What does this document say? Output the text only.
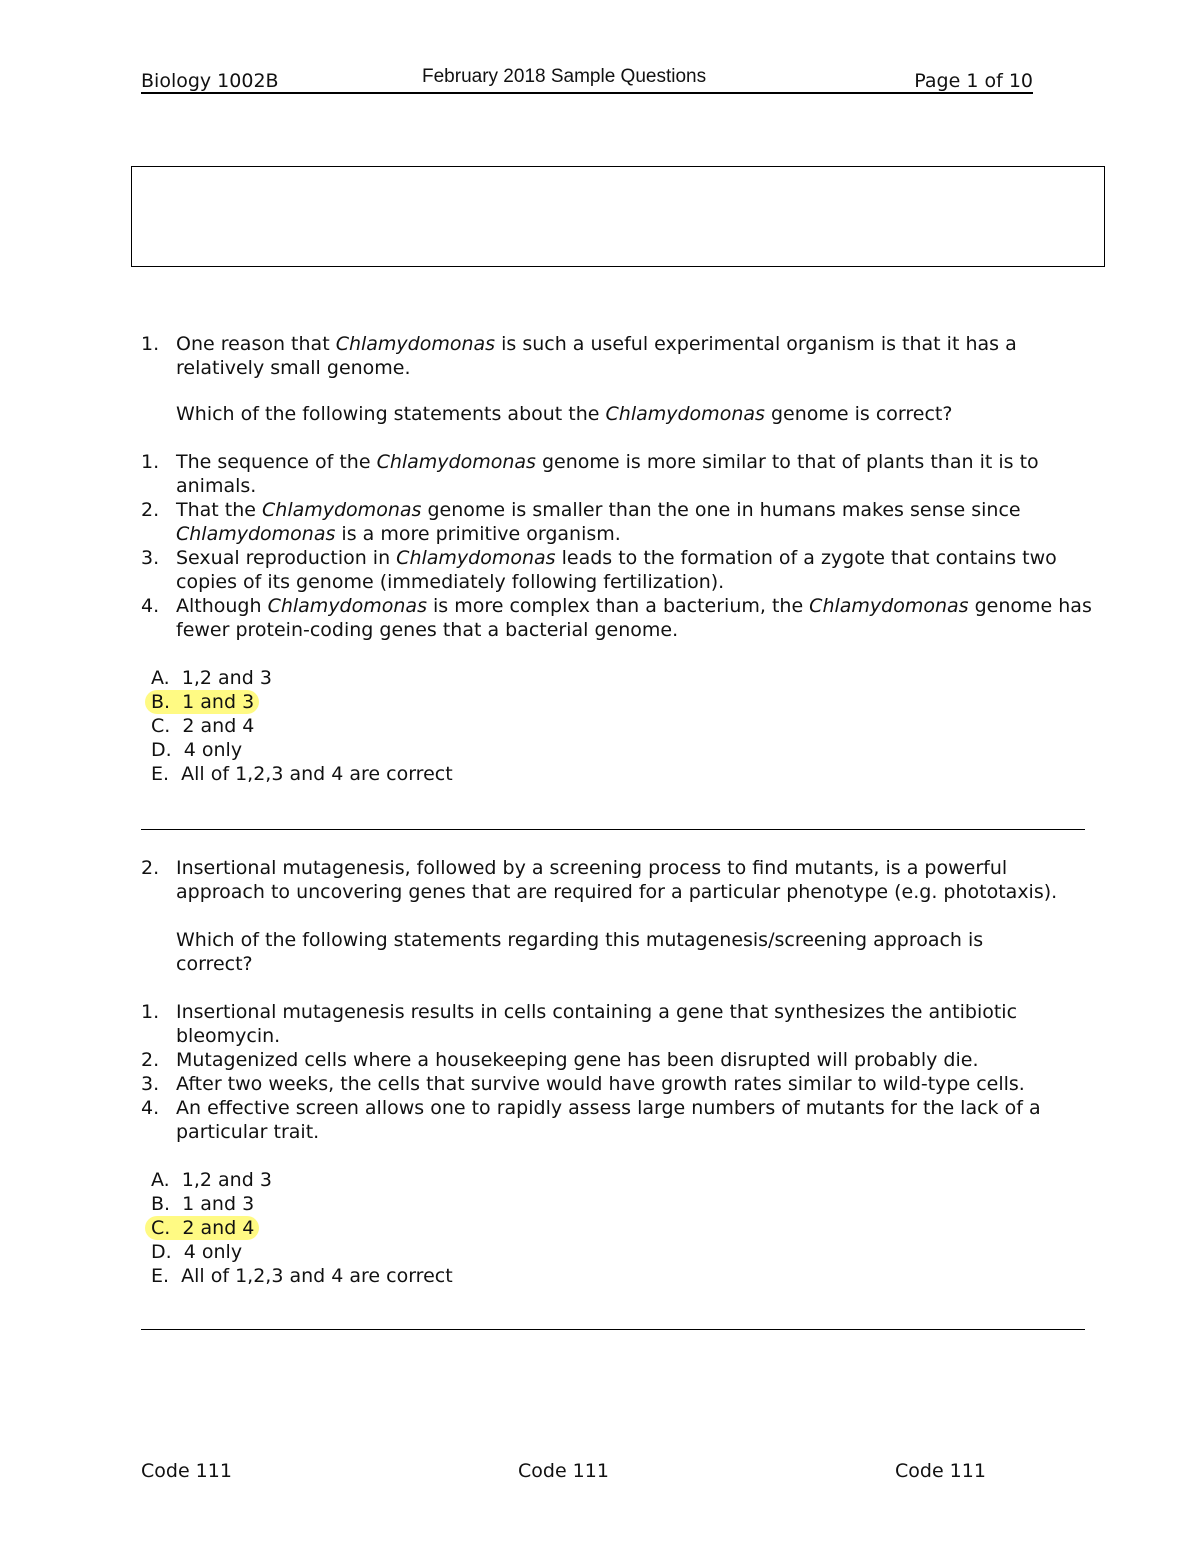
Biology 1002B	February 2018 Sample Questions	Page 1 of 10
1. One reason that Chlamydomonas is such a useful experimental organism is that it has a relatively small genome.
Which of the following statements about the Chlamydomonas genome is correct?
1. The sequence of the Chlamydomonas genome is more similar to that of plants than it is to animals.
2. That the Chlamydomonas genome is smaller than the one in humans makes sense since Chlamydomonas is a more primitive organism.
3. Sexual reproduction in Chlamydomonas leads to the formation of a zygote that contains two copies of its genome (immediately following fertilization).
4. Although Chlamydomonas is more complex than a bacterium, the Chlamydomonas genome has fewer protein-coding genes that a bacterial genome.
A.  1,2 and 3
B.  1 and 3
C.  2 and 4
D.  4 only
E.  All of 1,2,3 and 4 are correct
2. Insertional mutagenesis, followed by a screening process to find mutants, is a powerful approach to uncovering genes that are required for a particular phenotype (e.g. phototaxis).
Which of the following statements regarding this mutagenesis/screening approach is correct?
1. Insertional mutagenesis results in cells containing a gene that synthesizes the antibiotic bleomycin.
2. Mutagenized cells where a housekeeping gene has been disrupted will probably die.
3. After two weeks, the cells that survive would have growth rates similar to wild-type cells.
4. An effective screen allows one to rapidly assess large numbers of mutants for the lack of a particular trait.
A.  1,2 and 3
B.  1 and 3
C.  2 and 4
D.  4 only
E.  All of 1,2,3 and 4 are correct
Code 111	Code 111	Code 111
